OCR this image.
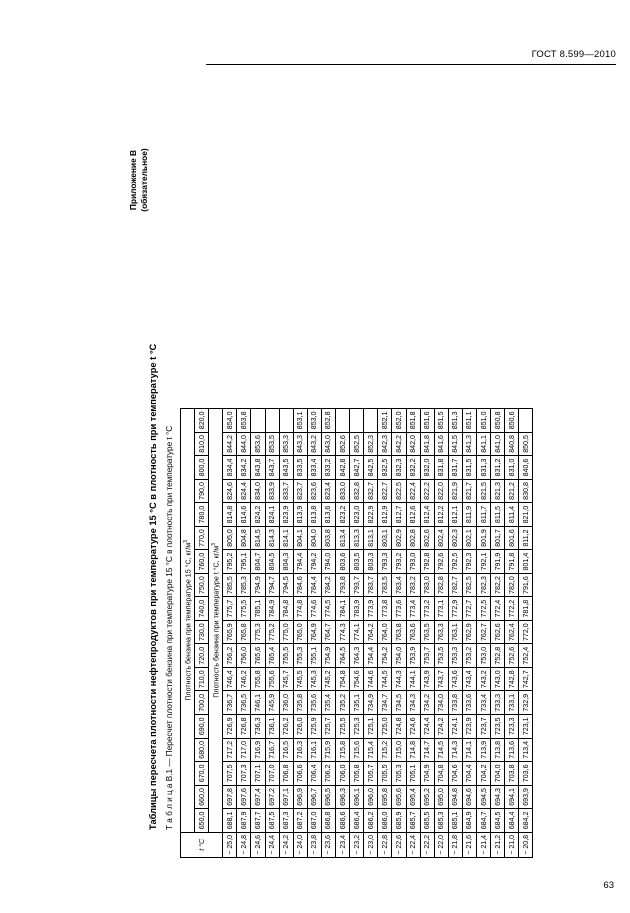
ГОСТ 8.599—2010
63
Приложение В (обязательное)
Таблицы пересчета плотности нефтепродуктов при температуре 15 °C в плотность при температуре t °C Т а б л и ц а В.1 — Пересчет плотности бензина при температуре 15 °C в плотность при температуре t °C
t °C	Плотность бензина при температуре 15 °C, $кг/м^3$
	650,0	660,0	670,0	680,0	690,0	700,0	710,0	720,0	730,0	740,0	750,0	760,0	770,0	780,0	790,0	800,0	810,0	820,0
	Плотность бензина при температуре t °C, $кг/м^3$
− 25,0	688,1	697,8	707,5	717,2	726,9	736,7	746,4	756,2	765,9	775,7	785,5	795,2	805,0	814,8	824,6	834,4	844,2	854,0
− 24,8	687,9	697,6	707,3	717,0	726,8	736,5	746,2	756,0	765,8	775,5	785,3	795,1	804,8	814,6	824,4	834,2	844,0	853,8
− 24,6	687,7	697,4	707,1	716,9	736,3	746,1	755,8	765,6	775,3	785,1	794,9	804,7	814,5	824,2	834,0	843,8	853,6	
− 24,4	687,5	697,2	707,0	716,7	736,1	745,9	755,6	765,4	775,2	784,9	794,7	804,5	814,3	824,1	833,9	843,7	853,5	
− 24,2	687,3	697,1	706,8	716,5	726,2	736,0	745,7	755,5	775,0	784,8	794,5	804,3	814,1	823,9	833,7	843,5	853,3	
− 24,0	687,2	696,9	706,6	716,3	726,0	735,8	745,5	755,3	765,0	774,8	784,6	794,4	804,1	813,9	823,7	833,5	843,3	853,1
− 23,8	687,0	696,7	706,4	716,1	725,9	735,6	745,3	755,1	764,9	774,6	784,4	794,2	804,0	813,8	823,6	833,4	843,2	853,0
− 23,6	686,8	696,5	706,2	715,9	725,7	735,4	745,2	754,9	764,7	774,5	784,2	794,0	803,8	813,6	823,4	833,2	843,0	852,8
− 23,4	686,6	696,3	706,0	715,8	725,5	735,2	754,8	764,5	774,3	784,1	793,8	803,6	813,4	823,2	833,0	842,8	852,6	
− 23,2	686,4	696,1	705,8	715,6	725,3	735,1	754,6	764,3	774,1	783,9	793,7	803,5	813,3	823,0	832,8	842,7	852,5	
− 23,0	686,2	696,0	705,7	715,4	725,1	734,9	744,6	754,4	764,2	773,9	783,7	803,3	813,1	822,9	832,7	842,5	852,3	
− 22,8	686,0	695,8	705,5	715,2	725,0	734,7	744,5	754,2	764,0	773,8	783,5	793,3	803,1	812,9	822,7	832,5	842,3	852,1
− 22,6	685,9	695,6	705,3	715,0	724,8	734,5	744,3	754,0	763,8	773,6	783,4	793,2	802,9	812,7	822,5	832,3	842,2	852,0
− 22,4	685,7	695,4	705,1	714,8	724,6	734,3	744,1	753,9	763,6	773,4	783,2	793,0	802,8	812,6	822,4	832,2	842,0	851,8
− 22,2	685,5	695,2	704,9	714,7	724,4	734,2	743,9	753,7	763,5	773,2	783,0	792,8	802,6	812,4	822,2	832,0	841,8	851,6
− 22,0	685,3	695,0	704,8	714,5	724,2	734,0	743,7	753,5	763,3	773,1	782,8	792,6	802,4	812,2	822,0	831,8	841,6	851,5
− 21,8	685,1	694,8	704,6	714,3	724,1	733,8	743,6	753,3	763,1	772,9	782,7	792,5	802,3	812,1	821,9	831,7	841,5	851,3
− 21,6	684,9	694,6	704,4	714,1	723,9	733,6	743,4	753,2	762,9	772,7	782,5	792,3	802,1	811,9	821,7	831,5	841,3	851,1
− 21,4	684,7	694,5	704,2	713,9	723,7	733,4	743,2	753,0	762,7	772,5	782,3	792,1	801,9	811,7	821,5	831,3	841,1	851,0
− 21,2	684,5	694,3	704,0	713,8	723,5	733,3	743,0	752,8	762,6	772,4	782,2	791,9	801,7	811,5	821,3	831,2	841,0	850,8
− 21,0	684,4	694,1	703,8	713,6	723,3	733,1	742,8	752,6	762,4	772,2	782,0	791,8	801,6	811,4	821,2	831,0	840,8	850,6
− 20,8	684,2	693,9	703,6	713,4	723,1	732,9	742,7	752,4	772,0	781,8	791,6	801,4	811,2	821,0	830,8	840,6	850,5	
